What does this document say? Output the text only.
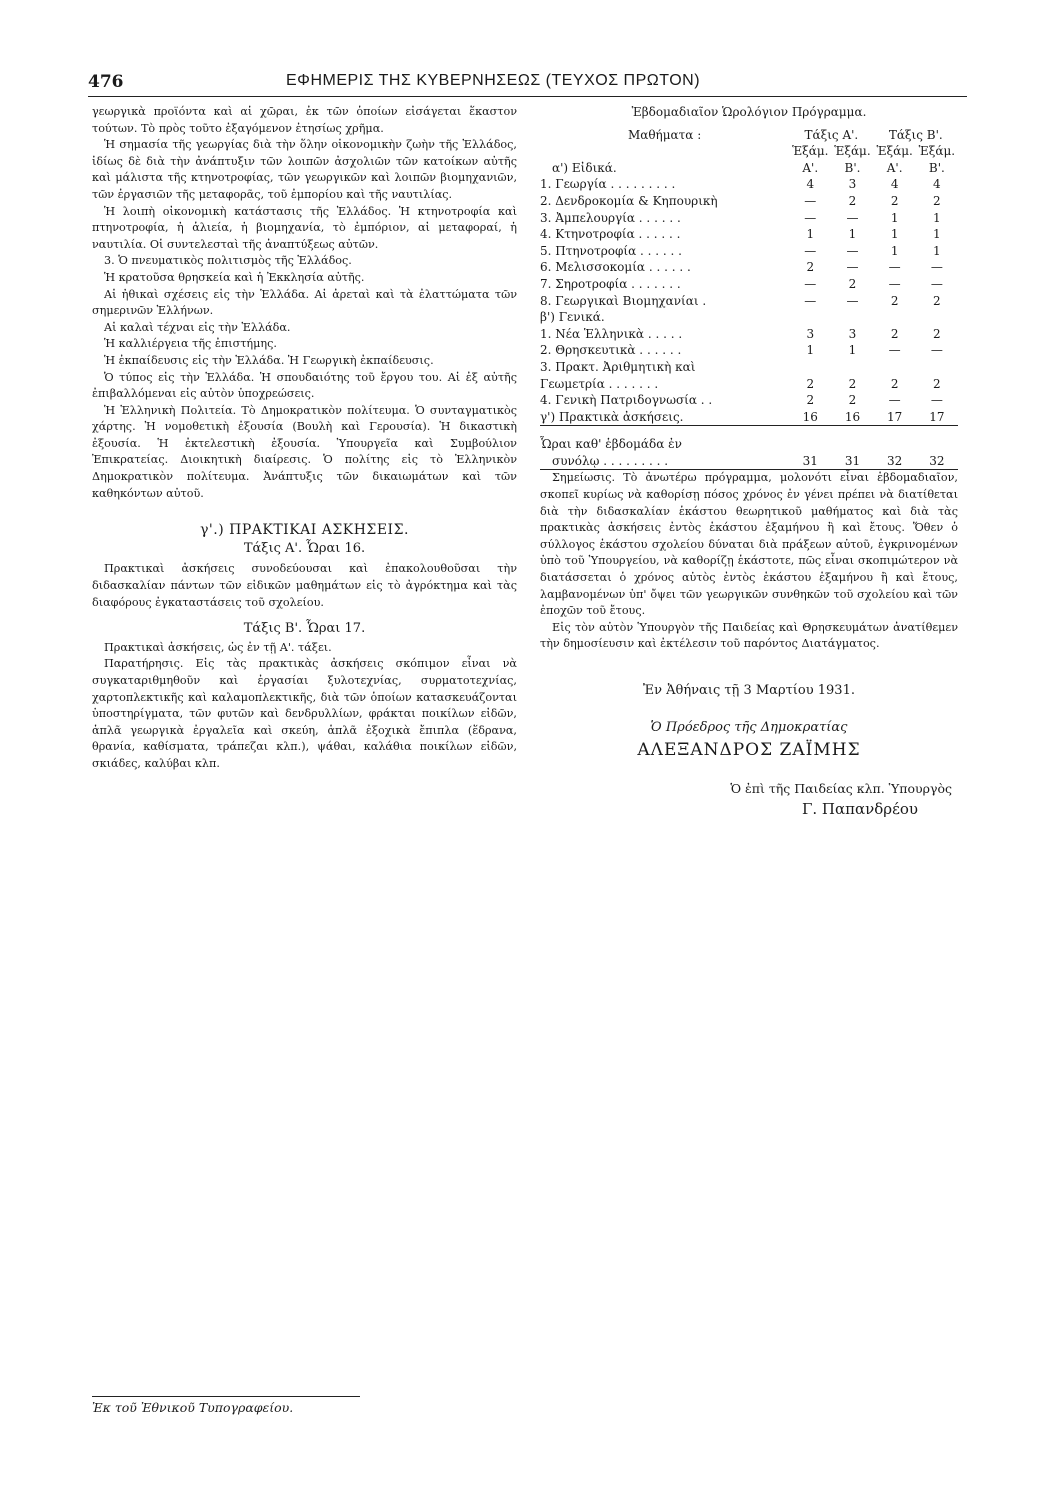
476	ΕΦΗΜΕΡΙΣ ΤΗΣ ΚΥΒΕΡΝΗΣΕΩΣ (ΤΕΥΧΟΣ ΠΡΩΤΟΝ)

γεωργικὰ προϊόντα καὶ αἱ χῶραι, ἐκ τῶν ὁποίων εἰσάγεται ἕκαστον τούτων. Τὸ πρὸς τοῦτο ἐξαγόμενον ἐτησίως χρῆμα.

Ἡ σημασία τῆς γεωργίας διὰ τὴν ὅλην οἰκονομικὴν ζωὴν τῆς Ἑλλάδος, ἰδίως δὲ διὰ τὴν ἀνάπτυξιν τῶν λοιπῶν ἀσχολιῶν τῶν κατοίκων αὐτῆς καὶ μάλιστα τῆς κτηνοτροφίας, τῶν γεωργικῶν καὶ λοιπῶν βιομηχανιῶν, τῶν ἐργασιῶν τῆς μεταφορᾶς, τοῦ ἐμπορίου καὶ τῆς ναυτιλίας.

Ἡ λοιπὴ οἰκονομικὴ κατάστασις τῆς Ἑλλάδος. Ἡ κτηνοτροφία καὶ πτηνοτροφία, ἡ ἁλιεία, ἡ βιομηχανία, τὸ ἐμπόριον, αἱ μεταφοραί, ἡ ναυτιλία. Οἱ συντελεσταὶ τῆς ἀναπτύξεως αὐτῶν.

3. Ὁ πνευματικὸς πολιτισμὸς τῆς Ἑλλάδος.

Ἡ κρατοῦσα θρησκεία καὶ ἡ Ἐκκλησία αὐτῆς.

Αἱ ἠθικαὶ σχέσεις εἰς τὴν Ἑλλάδα. Αἱ ἀρεταὶ καὶ τὰ ἐλαττώματα τῶν σημερινῶν Ἑλλήνων.

Αἱ καλαὶ τέχναι εἰς τὴν Ἑλλάδα.

Ἡ καλλιέργεια τῆς ἐπιστήμης.

Ἡ ἐκπαίδευσις εἰς τὴν Ἑλλάδα. Ἡ Γεωργικὴ ἐκπαίδευσις.

Ὁ τύπος εἰς τὴν Ἑλλάδα. Ἡ σπουδαιότης τοῦ ἔργου του. Αἱ ἐξ αὐτῆς ἐπιβαλλόμεναι εἰς αὐτὸν ὑποχρεώσεις.

Ἡ Ἑλληνικὴ Πολιτεία. Τὸ Δημοκρατικὸν πολίτευμα. Ὁ συνταγματικὸς χάρτης. Ἡ νομοθετικὴ ἐξουσία (Βουλὴ καὶ Γερουσία). Ἡ δικαστικὴ ἐξουσία. Ἡ ἐκτελεστικὴ ἐξουσία. Ὑπουργεῖα καὶ Συμβούλιον Ἐπικρατείας. Διοικητικὴ διαίρεσις. Ὁ πολίτης εἰς τὸ Ἑλληνικὸν Δημοκρατικὸν πολίτευμα. Ἀνάπτυξις τῶν δικαιωμάτων καὶ τῶν καθηκόντων αὐτοῦ.

γ'.) ΠΡΑΚΤΙΚΑΙ ΑΣΚΗΣΕΙΣ.
Τάξις Α'. Ὧραι 16.

Πρακτικαὶ ἀσκήσεις συνοδεύουσαι καὶ ἐπακολουθοῦσαι τὴν διδασκαλίαν πάντων τῶν εἰδικῶν μαθημάτων εἰς τὸ ἀγρόκτημα καὶ τὰς διαφόρους ἐγκαταστάσεις τοῦ σχολείου.

Τάξις Β'. Ὧραι 17.

Πρακτικαὶ ἀσκήσεις, ὡς ἐν τῇ Α'. τάξει.

Παρατήρησις. Εἰς τὰς πρακτικὰς ἀσκήσεις σκόπιμον εἶναι νὰ συγκαταριθμηθοῦν καὶ ἐργασίαι ξυλοτεχνίας, συρματοτεχνίας, χαρτοπλεκτικῆς καὶ καλαμοπλεκτικῆς, διὰ τῶν ὁποίων κατασκευάζονται ὑποστηρίγματα, τῶν φυτῶν καὶ δενδρυλλίων, φράκται ποικίλων εἰδῶν, ἁπλᾶ γεωργικὰ ἐργαλεῖα καὶ σκεύη, ἁπλᾶ ἐξοχικὰ ἔπιπλα (ἕδρανα, θρανία, καθίσματα, τράπεζαι κλπ.), ψάθαι, καλάθια ποικίλων εἰδῶν, σκιάδες, καλύβαι κλπ.

Ἑβδομαδιαῖον Ὡρολόγιον Πρόγραμμα.
Μαθήματα :	Τάξις Α'.		Τάξις Β'.	
α') Εἰδικά.	Ἑξάμ. Α'.	Ἑξάμ. Β'.	Ἑξάμ. Α'.	Ἑξάμ. Β'.
1. Γεωργία . . . . . . . . .	4	3	4	4
2. Δενδροκομία & Κηπουρικὴ	—	2	2	2
3. Ἀμπελουργία . . . . . .	—	—	1	1
4. Κτηνοτροφία . . . . . .	1	1	1	1
5. Πτηνοτροφία . . . . . .	—	—	1	1
6. Μελισσοκομία . . . . . .	2	—	—	—
7. Σηροτροφία . . . . . . .	—	2	—	—
8. Γεωργικαὶ Βιομηχανίαι .	—	—	2	2
β') Γενικά.				
1. Νέα Ἑλληνικὰ . . . . .	3	3	2	2
2. Θρησκευτικὰ . . . . . .	1	1	—	—
3. Πρακτ. Ἀριθμητικὴ καὶ				
Γεωμετρία . . . . . . .	2	2	2	2
4. Γενικὴ Πατριδογνωσία . .	2	2	—	—
γ') Πρακτικὰ ἀσκήσεις.	16	16	17	17
Ὧραι καθ' ἑβδομάδα ἐν				
συνόλῳ . . . . . . . . .	31	31	32	32

Σημείωσις. Τὸ ἀνωτέρω πρόγραμμα, μολονότι εἶναι ἑβδομαδιαῖον, σκοπεῖ κυρίως νὰ καθορίσῃ πόσος χρόνος ἐν γένει πρέπει νὰ διατίθεται διὰ τὴν διδασκαλίαν ἑκάστου θεωρητικοῦ μαθήματος καὶ διὰ τὰς πρακτικὰς ἀσκήσεις ἐντὸς ἑκάστου ἑξαμήνου ἢ καὶ ἔτους. Ὅθεν ὁ σύλλογος ἑκάστου σχολείου δύναται διὰ πράξεων αὐτοῦ, ἐγκρινομένων ὑπὸ τοῦ Ὑπουργείου, νὰ καθορίζῃ ἑκάστοτε, πῶς εἶναι σκοπιμώτερον νὰ διατάσσεται ὁ χρόνος αὐτὸς ἐντὸς ἑκάστου ἑξαμήνου ἢ καὶ ἔτους, λαμβανομένων ὑπ' ὄψει τῶν γεωργικῶν συνθηκῶν τοῦ σχολείου καὶ τῶν ἐποχῶν τοῦ ἔτους.

Εἰς τὸν αὐτὸν Ὑπουργὸν τῆς Παιδείας καὶ Θρησκευμάτων ἀνατίθεμεν τὴν δημοσίευσιν καὶ ἐκτέλεσιν τοῦ παρόντος Διατάγματος.

Ἐν Ἀθήναις τῇ 3 Μαρτίου 1931.
Ὁ Πρόεδρος τῆς Δημοκρατίας
ΑΛΕΞΑΝΔΡΟΣ ΖΑΪΜΗΣ
Ὁ ἐπὶ τῆς Παιδείας κλπ. Ὑπουργὸς
Γ. Παπανδρέου
Ἐκ τοῦ Ἐθνικοῦ Τυπογραφείου.
